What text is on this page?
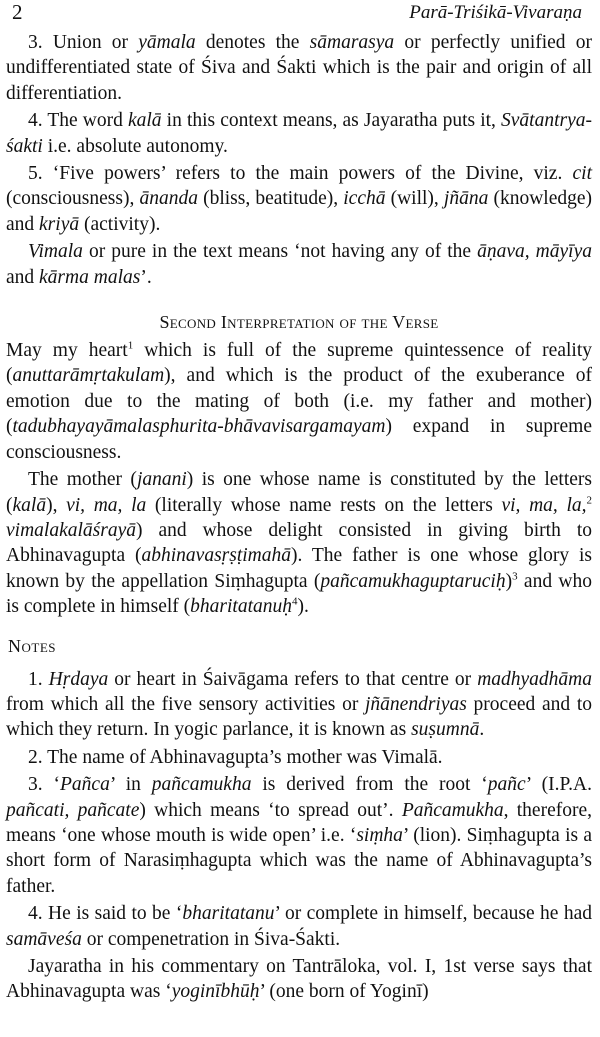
2	Parā-Triśikā-Vivaraṇa

3. Union or yāmala denotes the sāmarasya or perfectly unified or undifferentiated state of Śiva and Śakti which is the pair and origin of all differentiation.

4. The word kalā in this context means, as Jayaratha puts it, Svātantrya-śakti i.e. absolute autonomy.

5. ‘Five powers’ refers to the main powers of the Divine, viz. cit (consciousness), ānanda (bliss, beatitude), icchā (will), jñāna (knowledge) and kriyā (activity).

Vimala or pure in the text means ‘not having any of the āṇava, māyīya and kārma malas’.

Second Interpretation of the Verse

May my heart$^1$ which is full of the supreme quintessence of reality (anuttarāmṛtakulam), and which is the product of the exuberance of emotion due to the mating of both (i.e. my father and mother) (tadubhayayāmalasphurita-bhāvavisargamayam) expand in supreme consciousness.

The mother (janani) is one whose name is constituted by the letters (kalā), vi, ma, la (literally whose name rests on the letters vi, ma, la,$^2$ vimalakalāśrayā) and whose delight consisted in giving birth to Abhinavagupta (abhinavasṛṣṭimahā). The father is one whose glory is known by the appellation Siṃhagupta (pañcamukhaguptaruciḥ)$^3$ and who is complete in himself (bharitatanuḥ$^4$).

Notes

1. Hṛdaya or heart in Śaivāgama refers to that centre or madhyadhāma from which all the five sensory activities or jñānendriyas proceed and to which they return. In yogic parlance, it is known as suṣumnā.

2. The name of Abhinavagupta’s mother was Vimalā.

3. ‘Pañca’ in pañcamukha is derived from the root ‘pañc’ (I.P.A. pañcati, pañcate) which means ‘to spread out’. Pañcamukha, therefore, means ‘one whose mouth is wide open’ i.e. ‘siṃha’ (lion). Siṃhagupta is a short form of Narasiṃhagupta which was the name of Abhinavagupta’s father.

4. He is said to be ‘bharitatanu’ or complete in himself, because he had samāveśa or compenetration in Śiva-Śakti.

Jayaratha in his commentary on Tantrāloka, vol. I, 1st verse says that Abhinavagupta was ‘yoginībhūḥ’ (one born of Yoginī)
